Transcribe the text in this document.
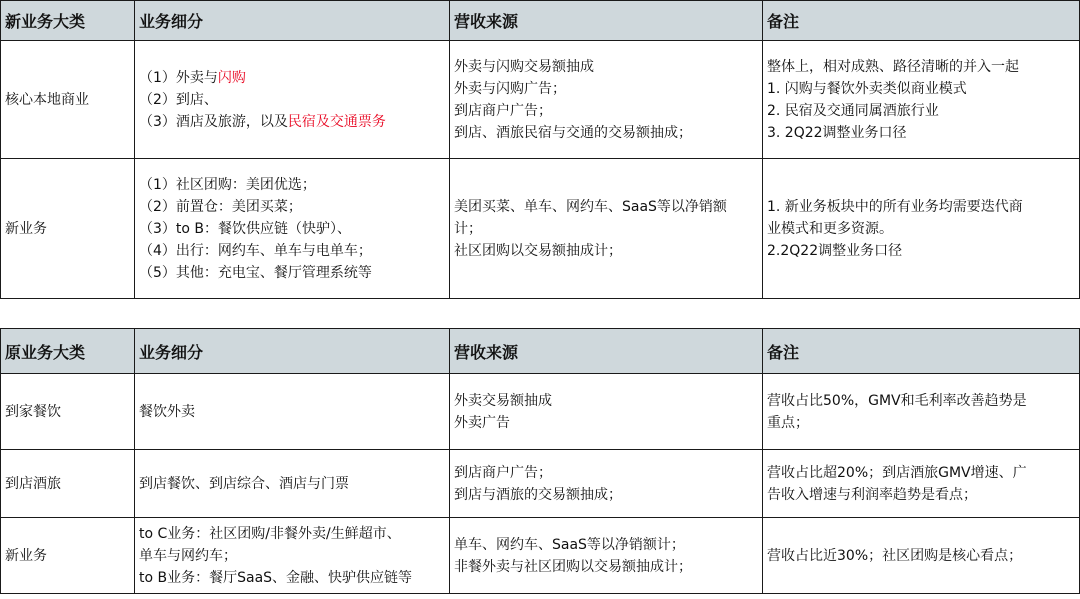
新业务大类	业务细分	营收来源	备注
核心本地商业	（1）外卖与闪购
（2）到店、
（3）酒店及旅游，以及民宿及交通票务	外卖与闪购交易额抽成
外卖与闪购广告；
到店商户广告；
到店、酒旅民宿与交通的交易额抽成；	整体上，相对成熟、路径清晰的并入一起
1. 闪购与餐饮外卖类似商业模式
2. 民宿及交通同属酒旅行业
3. 2Q22调整业务口径

新业务	（1）社区团购：美团优选；
（2）前置仓：美团买菜；
（3）to B：餐饮供应链（快驴）、
（4）出行：网约车、单车与电单车；
（5）其他：充电宝、餐厅管理系统等	美团买菜、单车、网约车、SaaS等以净销额
计；
社区团购以交易额抽成计；	1. 新业务板块中的所有业务均需要迭代商
业模式和更多资源。
2.2Q22调整业务口径
原业务大类	业务细分	营收来源	备注
到家餐饮	餐饮外卖	外卖交易额抽成
外卖广告	营收占比50%，GMV和毛利率改善趋势是
重点；

到店酒旅	到店餐饮、到店综合、酒店与门票	到店商户广告；
到店与酒旅的交易额抽成；	营收占比超20%；到店酒旅GMV增速、广
告收入增速与利润率趋势是看点；

新业务	to C业务：社区团购/非餐外卖/生鲜超市、
单车与网约车；
to B业务：餐厅SaaS、金融、快驴供应链等	单车、网约车、SaaS等以净销额计；
非餐外卖与社区团购以交易额抽成计；	营收占比近30%；社区团购是核心看点；
